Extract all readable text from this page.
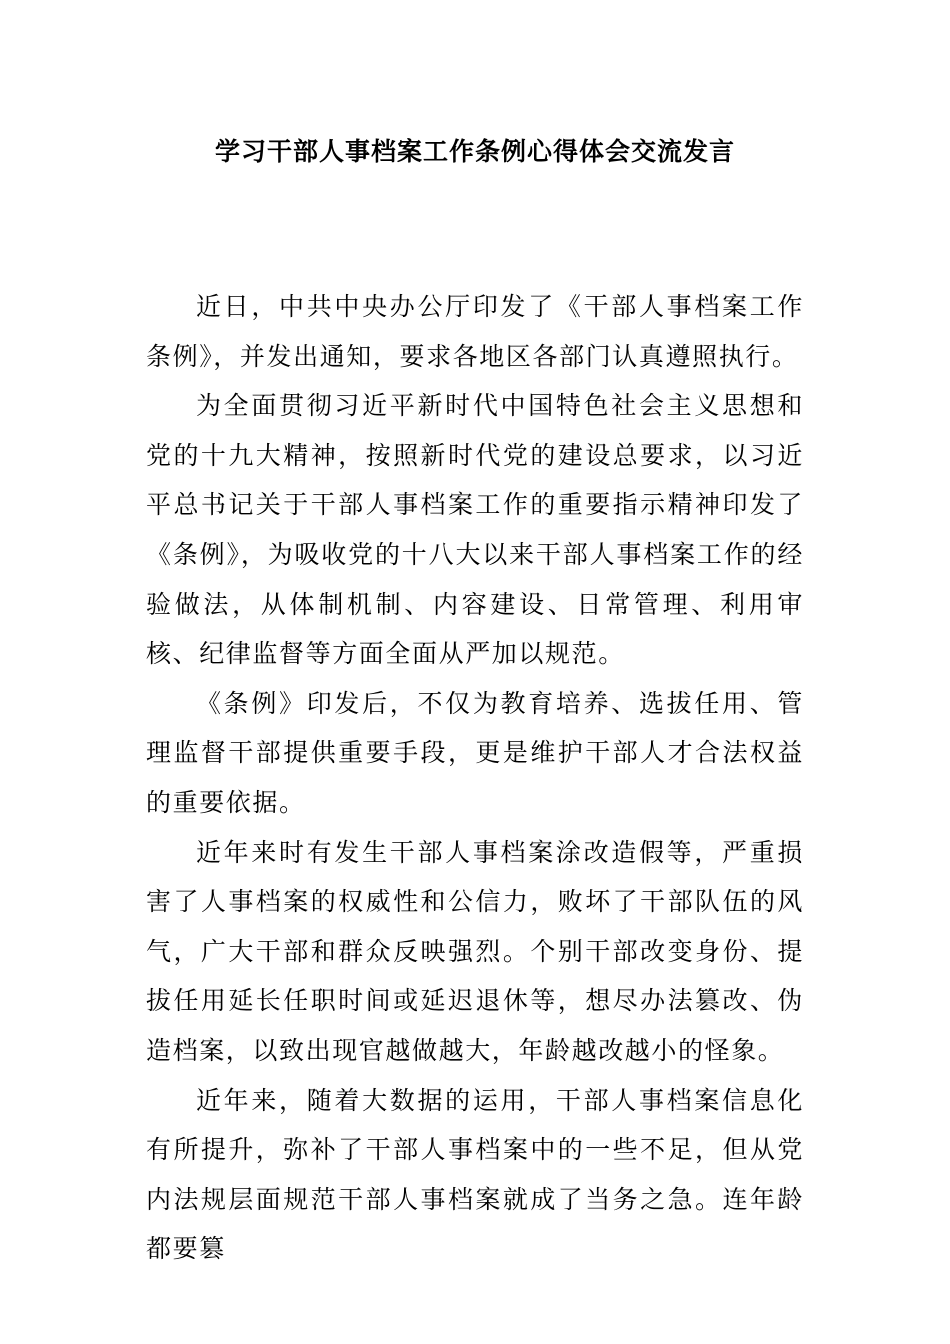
学习干部人事档案工作条例心得体会交流发言

近日，中共中央办公厅印发了《干部人事档案工作条例》，并发出通知，要求各地区各部门认真遵照执行。

为全面贯彻习近平新时代中国特色社会主义思想和党的十九大精神，按照新时代党的建设总要求，以习近平总书记关于干部人事档案工作的重要指示精神印发了《条例》，为吸收党的十八大以来干部人事档案工作的经验做法，从体制机制、内容建设、日常管理、利用审核、纪律监督等方面全面从严加以规范。

《条例》印发后，不仅为教育培养、选拔任用、管理监督干部提供重要手段，更是维护干部人才合法权益的重要依据。

近年来时有发生干部人事档案涂改造假等，严重损害了人事档案的权威性和公信力，败坏了干部队伍的风气，广大干部和群众反映强烈。个别干部改变身份、提拔任用延长任职时间或延迟退休等，想尽办法篡改、伪造档案，以致出现官越做越大，年龄越改越小的怪象。

近年来，随着大数据的运用，干部人事档案信息化有所提升，弥补了干部人事档案中的一些不足，但从党内法规层面规范干部人事档案就成了当务之急。连年龄都要篡
